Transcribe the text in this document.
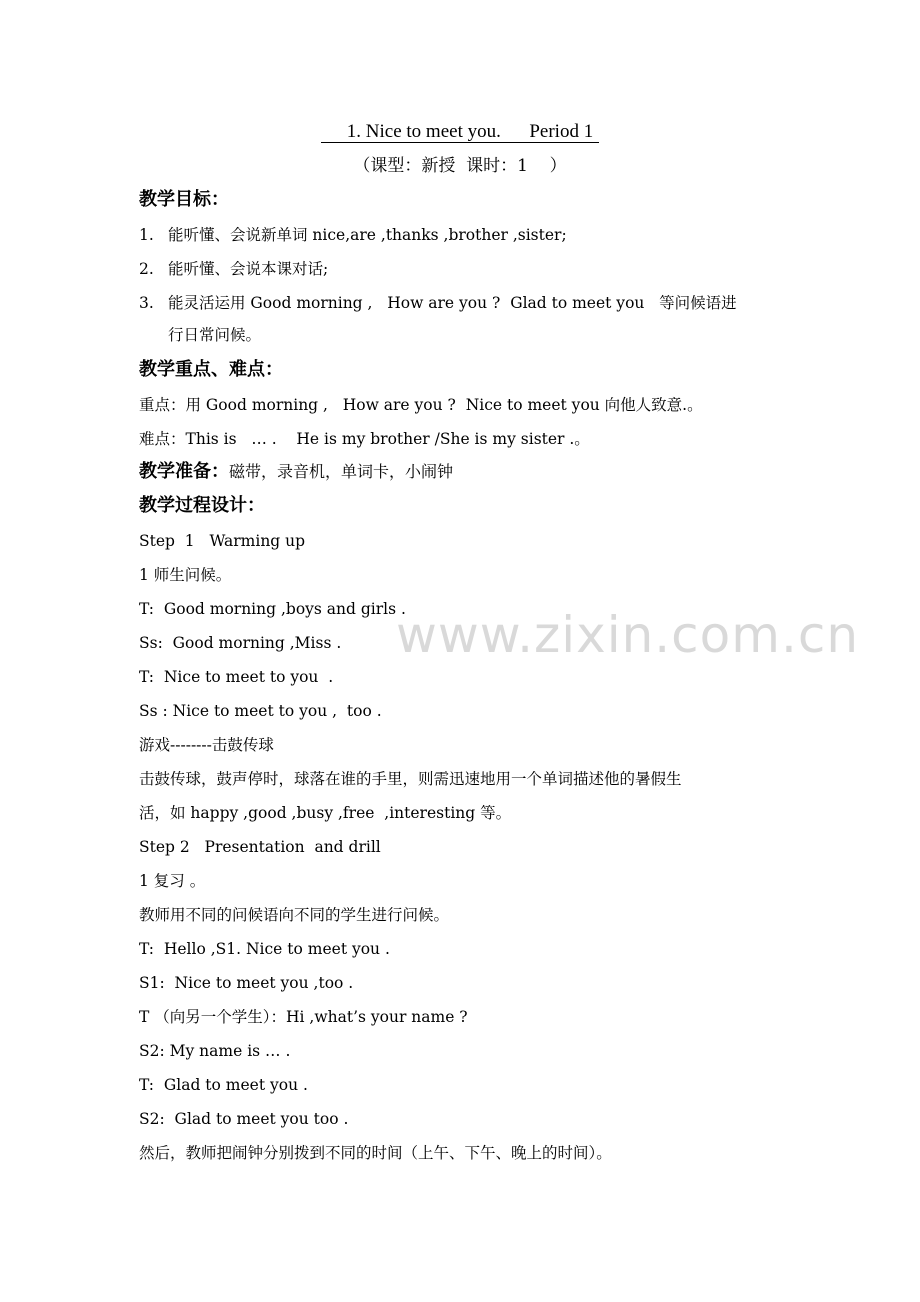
1. Nice to meet you.      Period 1
（课型：新授  课时：1    ）
教学目标：
1. 能听懂、会说新单词 nice,are ,thanks ,brother ,sister;
2. 能听懂、会说本课对话;
3. 能灵活运用 Good morning ,   How are you ?  Glad to meet you   等问候语进
行日常问候。
教学重点、难点：
重点：用 Good morning ,   How are you ?  Nice to meet you 向他人致意.。
难点：This is   … .    He is my brother /She is my sister .。
教学准备：磁带，录音机，单词卡，小闹钟
教学过程设计：
Step  1   Warming up
1 师生问候。
T:  Good morning ,boys and girls .
Ss:  Good morning ,Miss .
T:  Nice to meet to you  .
Ss : Nice to meet to you ,  too .
游戏--------击鼓传球
击鼓传球，鼓声停时，球落在谁的手里，则需迅速地用一个单词描述他的暑假生
活，如 happy ,good ,busy ,free  ,interesting 等。
Step 2   Presentation  and drill
1 复习 。
教师用不同的问候语向不同的学生进行问候。
T:  Hello ,S1. Nice to meet you .
S1:  Nice to meet you ,too .
T （向另一个学生）：Hi ,what’s your name ?
S2: My name is … .
T:  Glad to meet you .
S2:  Glad to meet you too .
然后，教师把闹钟分别拨到不同的时间（上午、下午、晚上的时间）。
www.zixin.com.cn
